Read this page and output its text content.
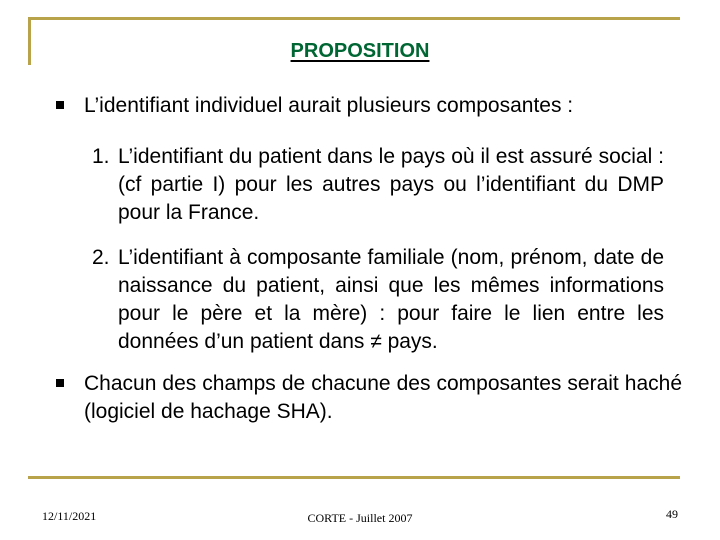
PROPOSITION
L’identifiant individuel aurait plusieurs composantes :
1. L’identifiant du patient dans le pays où il est assuré social : (cf partie I) pour les autres pays ou l’identifiant du DMP pour la France.
2. L’identifiant à composante familiale (nom, prénom, date de naissance du patient, ainsi que les mêmes informations pour le père et la mère) : pour faire le lien entre les données d’un patient dans ≠ pays.
Chacun des champs de chacune des composantes serait haché (logiciel de hachage SHA).
12/11/2021	CORTE - Juillet 2007	49
